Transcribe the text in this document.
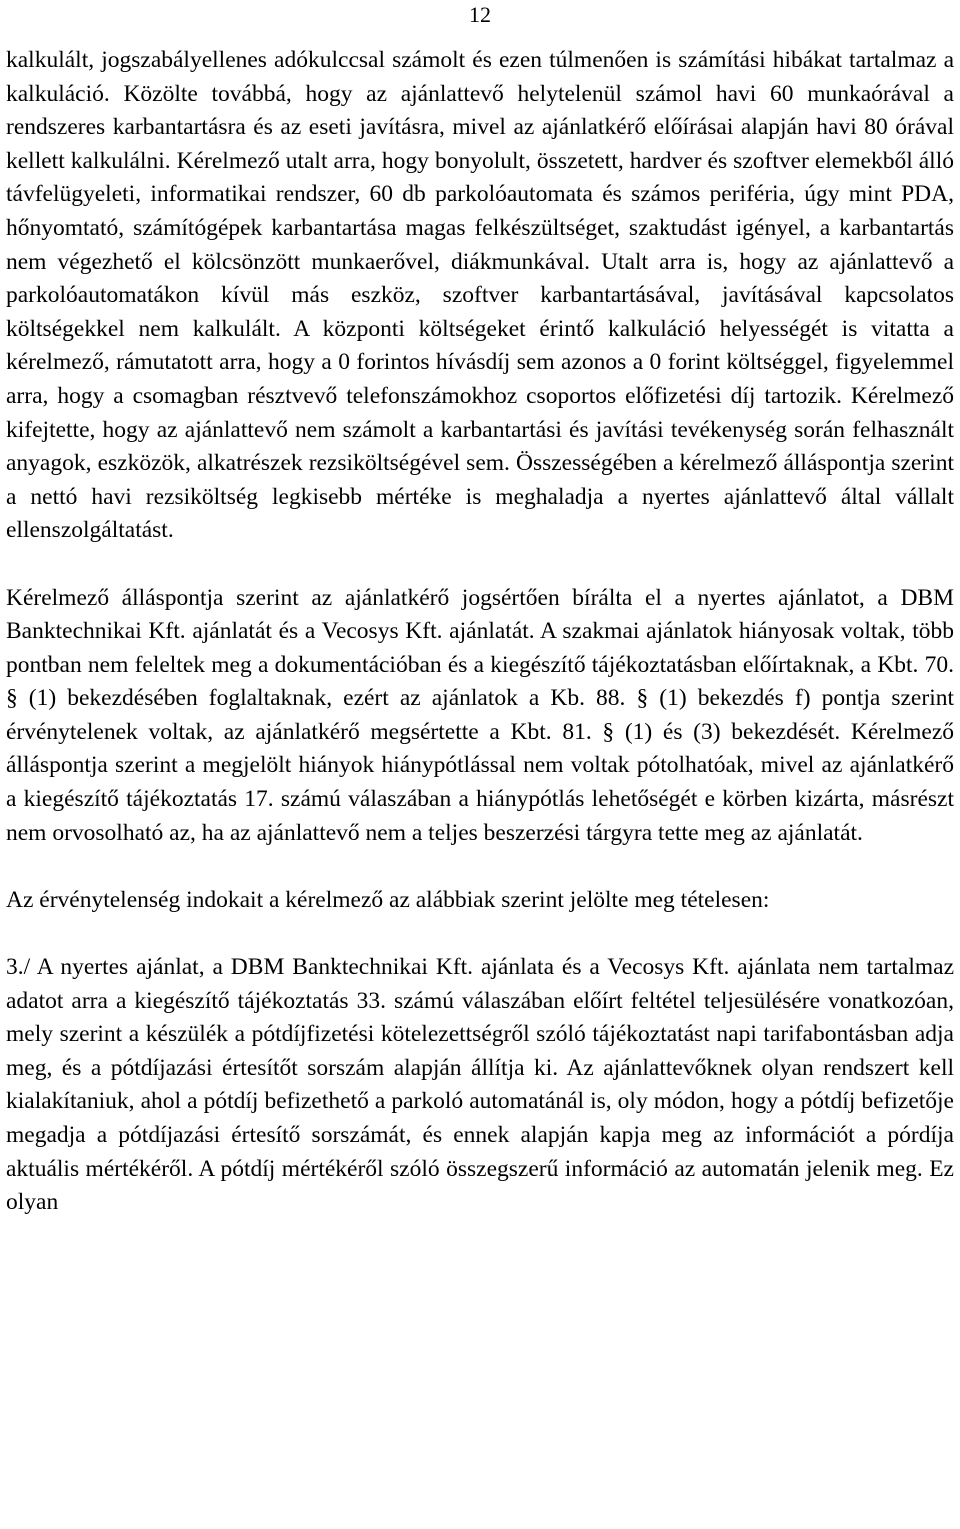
12

kalkulált, jogszabályellenes adókulccsal számolt és ezen túlmenően is számítási hibákat tartalmaz a kalkuláció. Közölte továbbá, hogy az ajánlattevő helytelenül számol havi 60 munkaórával a rendszeres karbantartásra és az eseti javításra, mivel az ajánlatkérő előírásai alapján havi 80 órával kellett kalkulálni. Kérelmező utalt arra, hogy bonyolult, összetett, hardver és szoftver elemekből álló távfelügyeleti, informatikai rendszer, 60 db parkolóautomata és számos periféria, úgy mint PDA, hőnyomtató, számítógépek karbantartása magas felkészültséget, szaktudást igényel, a karbantartás nem végezhető el kölcsönzött munkaerővel, diákmunkával. Utalt arra is, hogy az ajánlattevő a parkolóautomatákon kívül más eszköz, szoftver karbantartásával, javításával kapcsolatos költségekkel nem kalkulált. A központi költségeket érintő kalkuláció helyességét is vitatta a kérelmező, rámutatott arra, hogy a 0 forintos hívásdíj sem azonos a 0 forint költséggel, figyelemmel arra, hogy a csomagban résztvevő telefonszámokhoz csoportos előfizetési díj tartozik. Kérelmező kifejtette, hogy az ajánlattevő nem számolt a karbantartási és javítási tevékenység során felhasznált anyagok, eszközök, alkatrészek rezsiköltségével sem. Összességében a kérelmező álláspontja szerint a nettó havi rezsiköltség legkisebb mértéke is meghaladja a nyertes ajánlattevő által vállalt ellenszolgáltatást.

Kérelmező álláspontja szerint az ajánlatkérő jogsértően bírálta el a nyertes ajánlatot, a DBM Banktechnikai Kft. ajánlatát és a Vecosys Kft. ajánlatát. A szakmai ajánlatok hiányosak voltak, több pontban nem feleltek meg a dokumentációban és a kiegészítő tájékoztatásban előírtaknak, a Kbt. 70. § (1) bekezdésében foglaltaknak, ezért az ajánlatok a Kb. 88. § (1) bekezdés f) pontja szerint érvénytelenek voltak, az ajánlatkérő megsértette a Kbt. 81. § (1) és (3) bekezdését. Kérelmező álláspontja szerint a megjelölt hiányok hiánypótlással nem voltak pótolhatóak, mivel az ajánlatkérő a kiegészítő tájékoztatás 17. számú válaszában a hiánypótlás lehetőségét e körben kizárta, másrészt nem orvosolható az, ha az ajánlattevő nem a teljes beszerzési tárgyra tette meg az ajánlatát.

Az érvénytelenség indokait a kérelmező az alábbiak szerint jelölte meg tételesen:

3./ A nyertes ajánlat, a DBM Banktechnikai Kft. ajánlata és a Vecosys Kft. ajánlata nem tartalmaz adatot arra a kiegészítő tájékoztatás 33. számú válaszában előírt feltétel teljesülésére vonatkozóan, mely szerint a készülék a pótdíjfizetési kötelezettségről szóló tájékoztatást napi tarifabontásban adja meg, és a pótdíjazási értesítőt sorszám alapján állítja ki. Az ajánlattevőknek olyan rendszert kell kialakítaniuk, ahol a pótdíj befizethető a parkoló automatánál is, oly módon, hogy a pótdíj befizetője megadja a pótdíjazási értesítő sorszámát, és ennek alapján kapja meg az információt a pórdíja aktuális mértékéről. A pótdíj mértékéről szóló összegszerű információ az automatán jelenik meg. Ez olyan
